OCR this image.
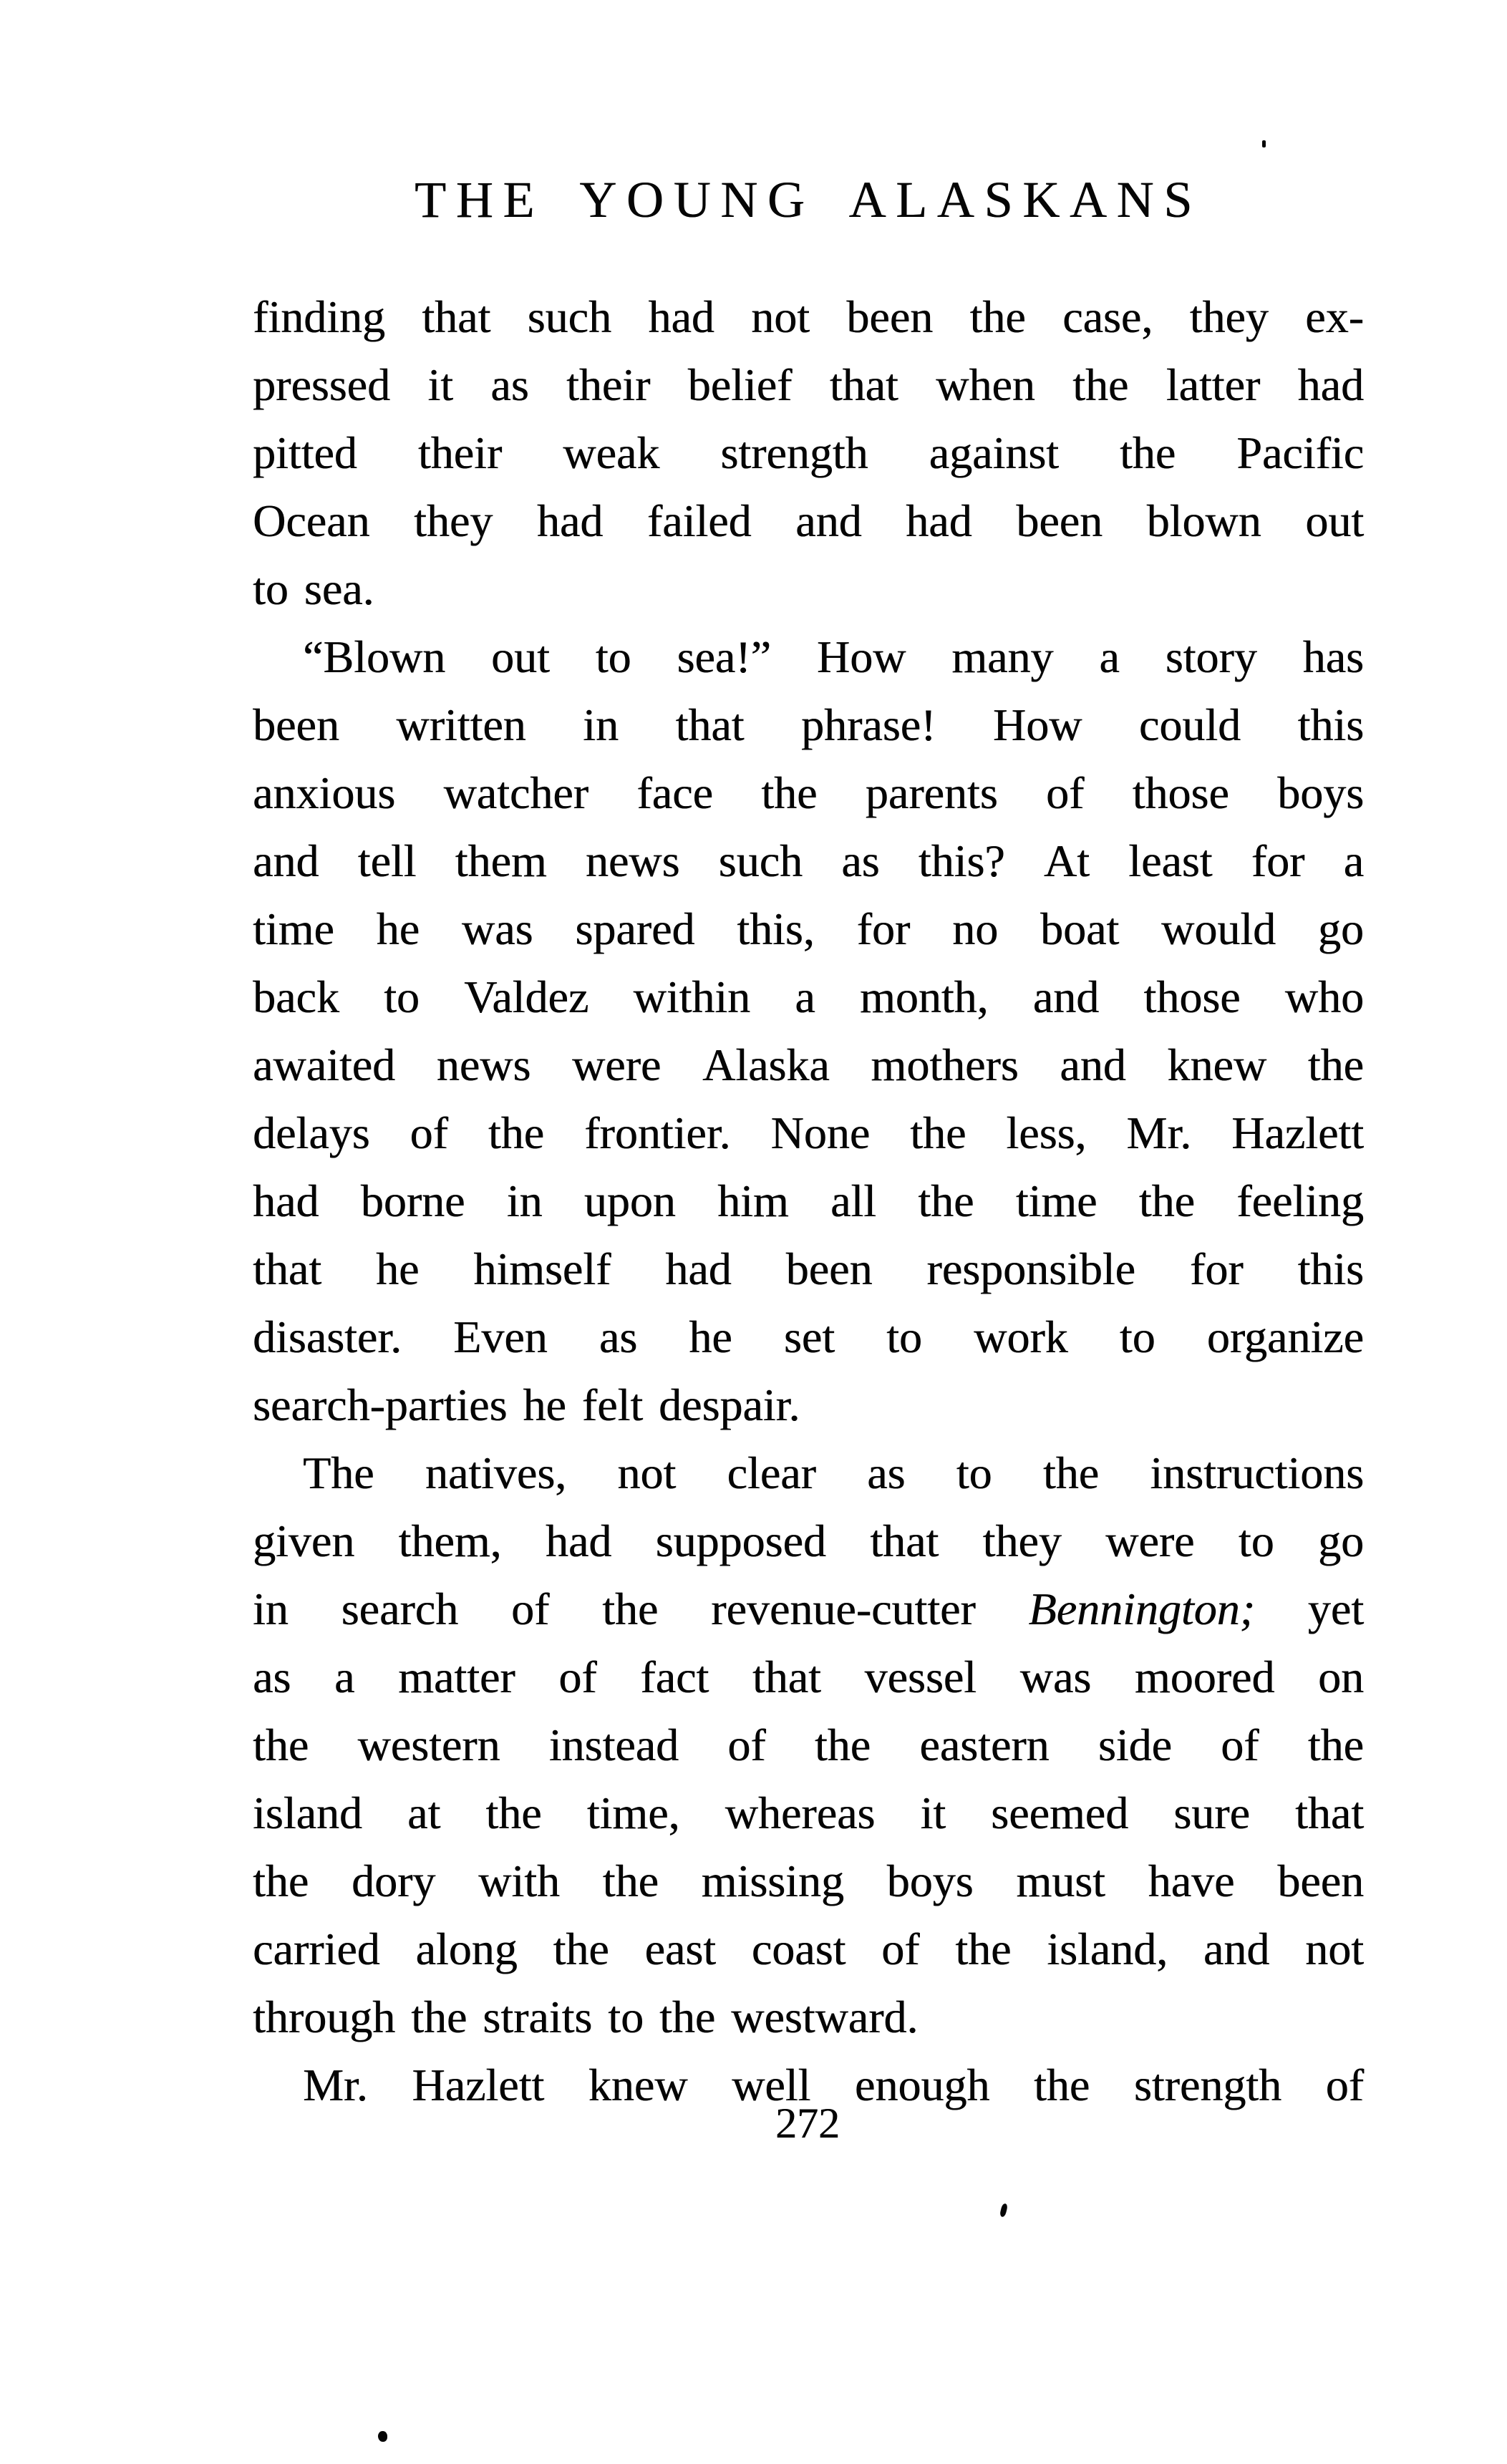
THE YOUNG ALASKANS
finding that such had not been the case, they ex-
pressed it as their belief that when the latter had
pitted their weak strength against the Pacific
Ocean they had failed and had been blown out
to sea.
“Blown out to sea!” How many a story has
been written in that phrase! How could this
anxious watcher face the parents of those boys
and tell them news such as this? At least for a
time he was spared this, for no boat would go
back to Valdez within a month, and those who
awaited news were Alaska mothers and knew the
delays of the frontier. None the less, Mr. Hazlett
had borne in upon him all the time the feeling
that he himself had been responsible for this
disaster. Even as he set to work to organize
search-parties he felt despair.
The natives, not clear as to the instructions
given them, had supposed that they were to go
in search of the revenue-cutter Bennington; yet
as a matter of fact that vessel was moored on
the western instead of the eastern side of the
island at the time, whereas it seemed sure that
the dory with the missing boys must have been
carried along the east coast of the island, and not
through the straits to the westward.
Mr. Hazlett knew well enough the strength of
272
